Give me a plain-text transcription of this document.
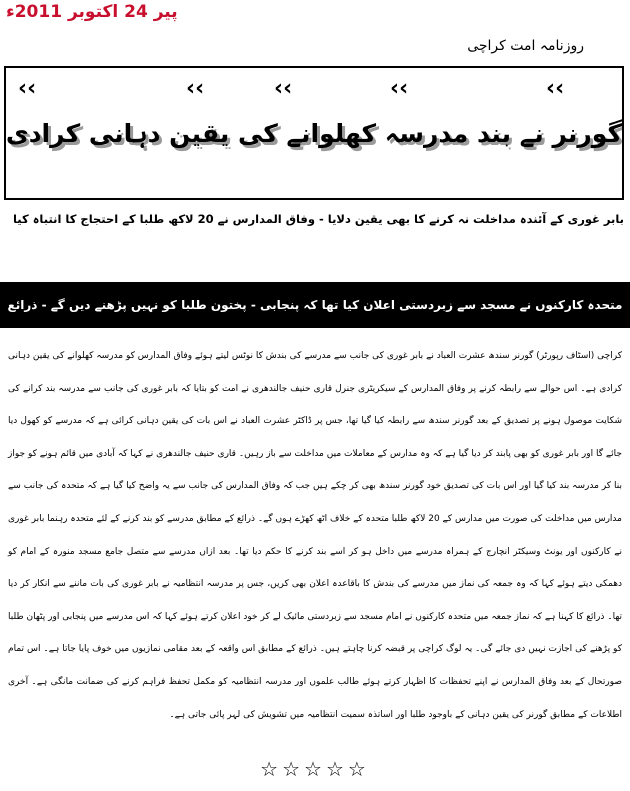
پیر 24 اکتوبر 2011ء
روزنامہ امت کراچی
‹‹	‹‹	‹‹	‹‹	‹‹
گورنر نے بند مدرسہ کھلوانے کی یقین دہانی کرادی
بابر غوری کے آئندہ مداخلت نہ کرنے کا بھی یقین دلایا - وفاق المدارس نے 20 لاکھ طلبا کے احتجاج کا انتباہ کیا
متحدہ کارکنوں نے مسجد سے زبردستی اعلان کیا تھا کہ پنجابی - پختون طلبا کو نہیں پڑھنے دیں گے - ذرائع
کراچی (اسٹاف رپورٹر) گورنر سندھ عشرت العباد نے بابر غوری کی جانب سے مدرسے کی بندش کا نوٹس لیتے ہوئے وفاق المدارس کو مدرسہ کھلوانے کی یقین دہانی کرادی ہے۔ اس حوالے سے رابطہ کرنے پر وفاق المدارس کے سیکریٹری جنرل قاری حنیف جالندھری نے امت کو بتایا کہ بابر غوری کی جانب سے مدرسہ بند کرانے کی شکایت موصول ہونے پر تصدیق کے بعد گورنر سندھ سے رابطہ کیا گیا تھا، جس پر ڈاکٹر عشرت العباد نے اس بات کی یقین دہانی کرائی ہے کہ مدرسے کو کھول دیا جائے گا اور بابر غوری کو بھی پابند کر دیا گیا ہے کہ وہ مدارس کے معاملات میں مداخلت سے باز رہیں۔ قاری حنیف جالندھری نے کہا کہ آبادی میں قائم ہونے کو جواز بنا کر مدرسہ بند کیا گیا اور اس بات کی تصدیق خود گورنر سندھ بھی کر چکے ہیں جب کہ وفاق المدارس کی جانب سے یہ واضح کیا گیا ہے کہ متحدہ کی جانب سے مدارس میں مداخلت کی صورت میں مدارس کے 20 لاکھ طلبا متحدہ کے خلاف اٹھ کھڑے ہوں گے۔ ذرائع کے مطابق مدرسے کو بند کرنے کے لئے متحدہ رہنما بابر غوری نے کارکنوں اور یونٹ وسیکٹر انچارج کے ہمراہ مدرسے میں داخل ہو کر اسے بند کرنے کا حکم دیا تھا۔ بعد ازاں مدرسے سے متصل جامع مسجد منورہ کے امام کو دھمکی دیتے ہوئے کہا کہ وہ جمعہ کی نماز میں مدرسے کی بندش کا باقاعدہ اعلان بھی کریں، جس پر مدرسہ انتظامیہ نے بابر غوری کی بات ماننے سے انکار کر دیا تھا۔ ذرائع کا کہنا ہے کہ نماز جمعہ میں متحدہ کارکنوں نے امام مسجد سے زبردستی مائیک لے کر خود اعلان کرتے ہوئے کہا کہ اس مدرسے میں پنجابی اور پٹھان طلبا کو پڑھنے کی اجازت نہیں دی جائے گی۔ یہ لوگ کراچی پر قبضہ کرنا چاہتے ہیں۔ ذرائع کے مطابق اس واقعہ کے بعد مقامی نمازیوں میں خوف پایا جاتا ہے۔ اس تمام صورتحال کے بعد وفاق المدارس نے اپنے تحفظات کا اظہار کرتے ہوئے طالب علموں اور مدرسہ انتظامیہ کو مکمل تحفظ فراہم کرنے کی ضمانت مانگی ہے۔ آخری اطلاعات کے مطابق گورنر کی یقین دہانی کے باوجود طلبا اور اساتذہ سمیت انتظامیہ میں تشویش کی لہر پائی جاتی ہے۔
☆☆☆☆☆
